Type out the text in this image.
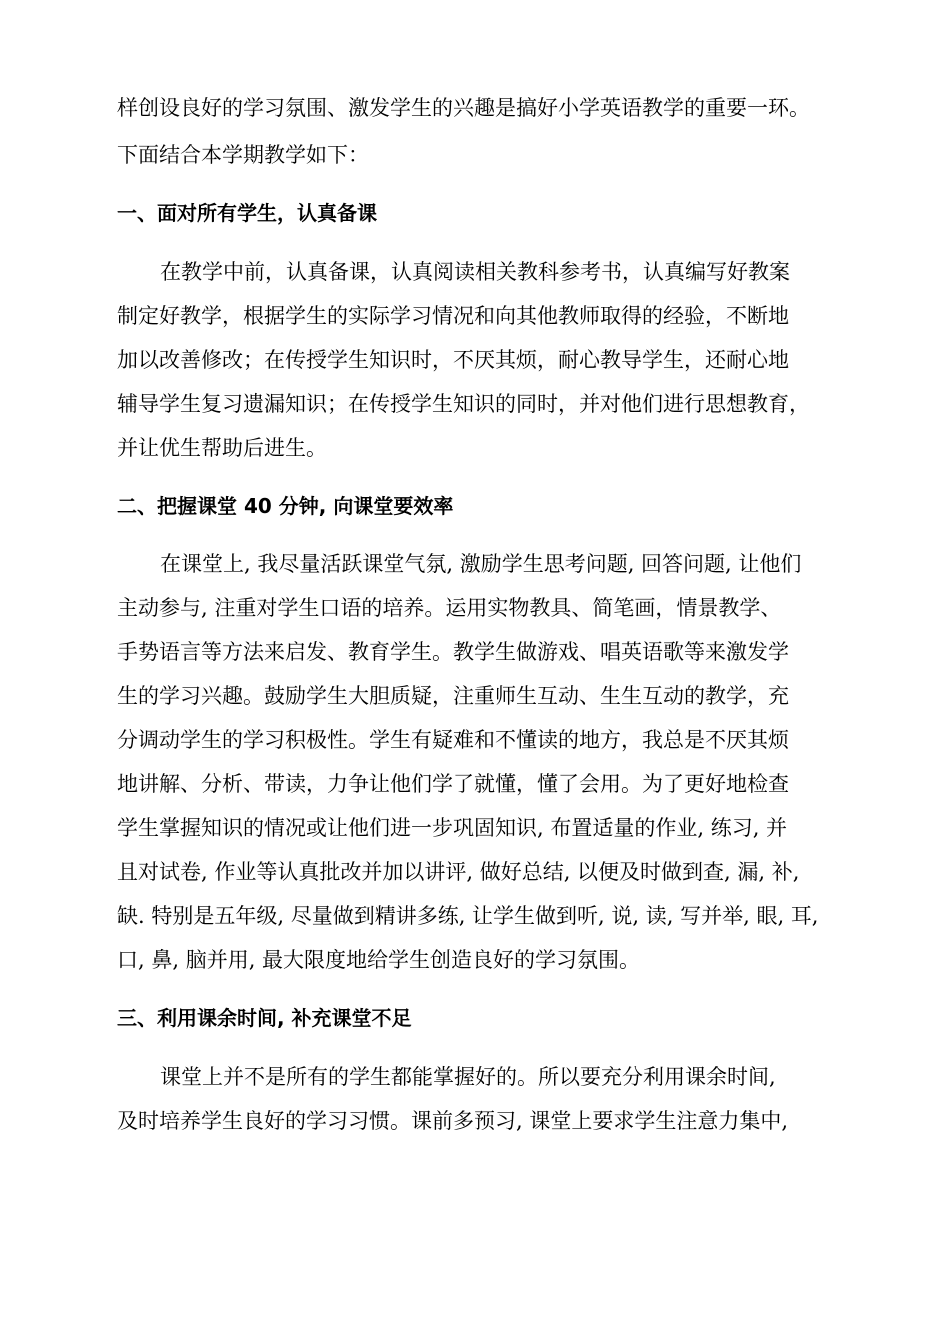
样创设良好的学习氛围、激发学生的兴趣是搞好小学英语教学的重要一环。
下面结合本学期教学如下：
一、面对所有学生，认真备课
在教学中前，认真备课，认真阅读相关教科参考书，认真编写好教案
制定好教学，根据学生的实际学习情况和向其他教师取得的经验，不断地
加以改善修改；在传授学生知识时，不厌其烦，耐心教导学生，还耐心地
辅导学生复习遗漏知识；在传授学生知识的同时，并对他们进行思想教育，
并让优生帮助后进生。
二、把握课堂 40 分钟, 向课堂要效率
在课堂上, 我尽量活跃课堂气氛, 激励学生思考问题, 回答问题, 让他们
主动参与, 注重对学生口语的培养。运用实物教具、简笔画，情景教学、
手势语言等方法来启发、教育学生。教学生做游戏、唱英语歌等来激发学
生的学习兴趣。鼓励学生大胆质疑，注重师生互动、生生互动的教学，充
分调动学生的学习积极性。学生有疑难和不懂读的地方，我总是不厌其烦
地讲解、分析、带读，力争让他们学了就懂，懂了会用。为了更好地检查
学生掌握知识的情况或让他们进一步巩固知识, 布置适量的作业, 练习, 并
且对试卷, 作业等认真批改并加以讲评, 做好总结, 以便及时做到查, 漏, 补,
缺. 特别是五年级, 尽量做到精讲多练, 让学生做到听, 说, 读, 写并举, 眼, 耳,
口, 鼻, 脑并用, 最大限度地给学生创造良好的学习氛围。
三、利用课余时间, 补充课堂不足
课堂上并不是所有的学生都能掌握好的。所以要充分利用课余时间,
及时培养学生良好的学习习惯。课前多预习, 课堂上要求学生注意力集中,
